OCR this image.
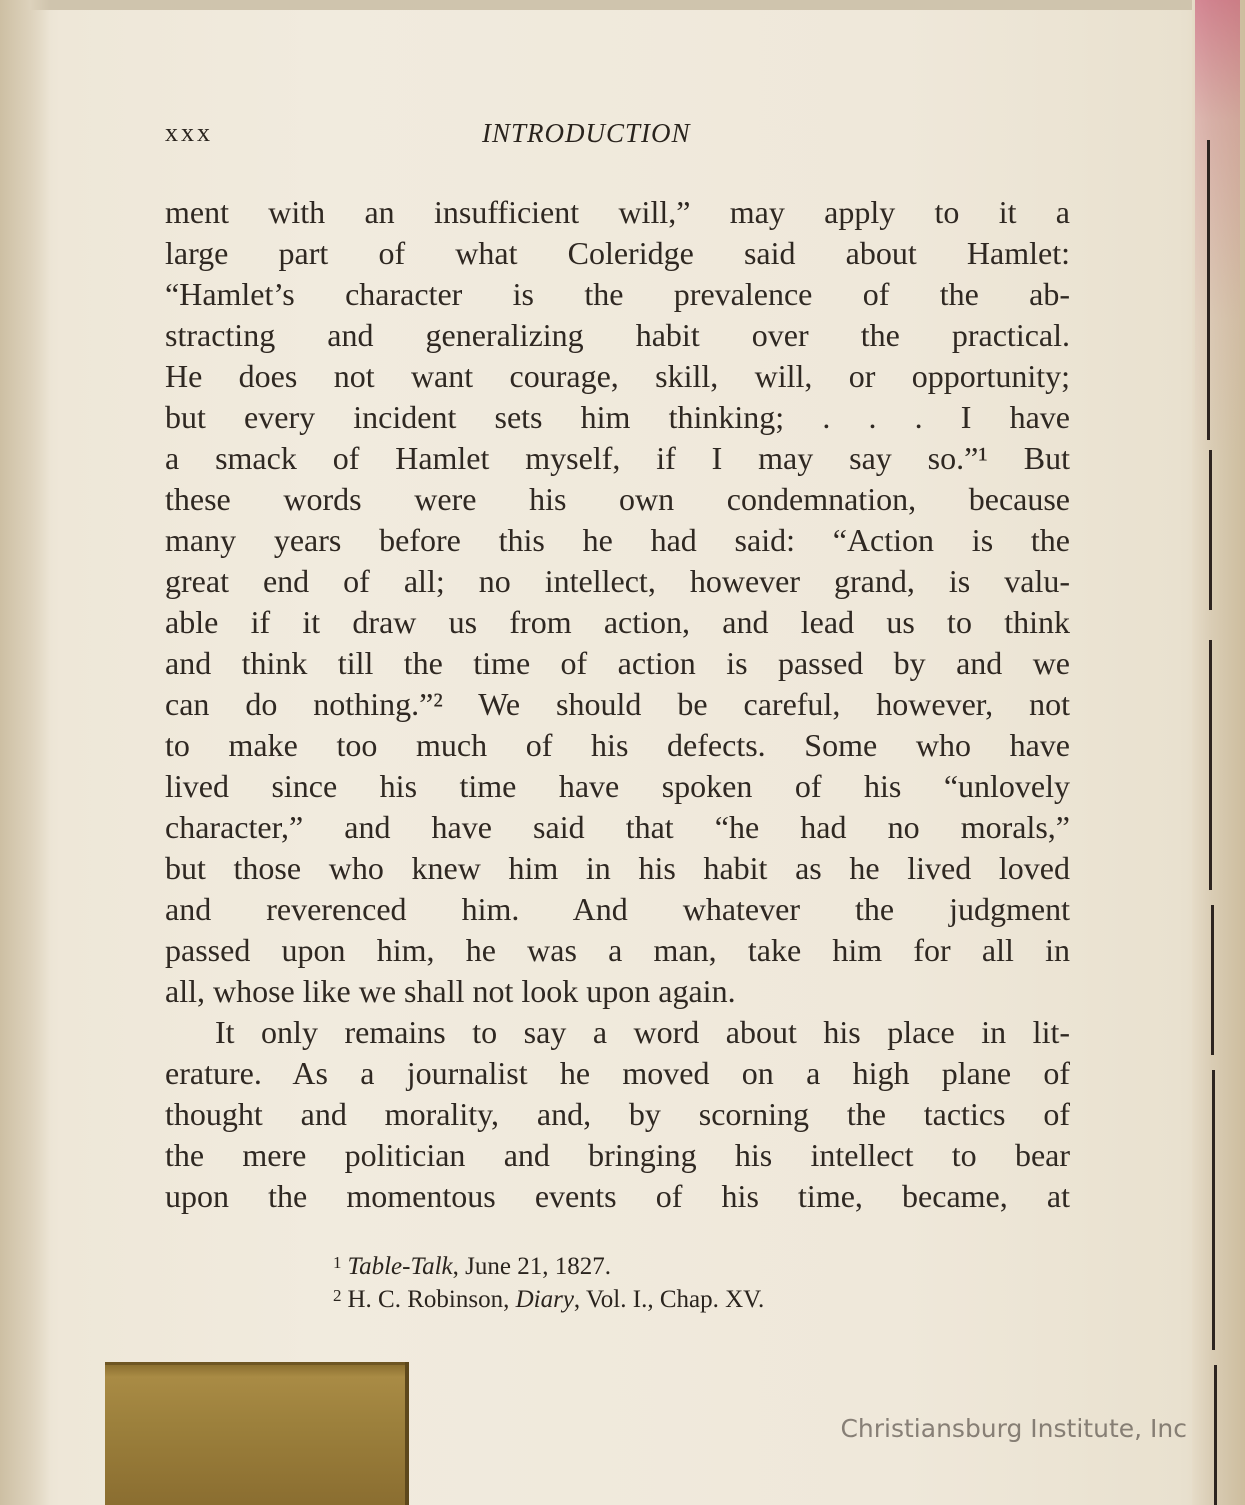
xxx	INTRODUCTION
ment with an insufficient will,” may apply to it a
large part of what Coleridge said about Hamlet:
“Hamlet’s character is the prevalence of the ab-
stracting and generalizing habit over the practical.
He does not want courage, skill, will, or opportunity;
but every incident sets him thinking; . . . I have
a smack of Hamlet myself, if I may say so.”¹ But
these words were his own condemnation, because
many years before this he had said: “Action is the
great end of all; no intellect, however grand, is valu-
able if it draw us from action, and lead us to think
and think till the time of action is passed by and we
can do nothing.”² We should be careful, however, not
to make too much of his defects. Some who have
lived since his time have spoken of his “unlovely
character,” and have said that “he had no morals,”
but those who knew him in his habit as he lived loved
and reverenced him. And whatever the judgment
passed upon him, he was a man, take him for all in
all, whose like we shall not look upon again.
It only remains to say a word about his place in lit-
erature. As a journalist he moved on a high plane of
thought and morality, and, by scorning the tactics of
the mere politician and bringing his intellect to bear
upon the momentous events of his time, became, at
$^1$ Table-Talk, June 21, 1827.
$^2$ H. C. Robinson, Diary, Vol. I., Chap. XV.
Christiansburg Institute, Inc
